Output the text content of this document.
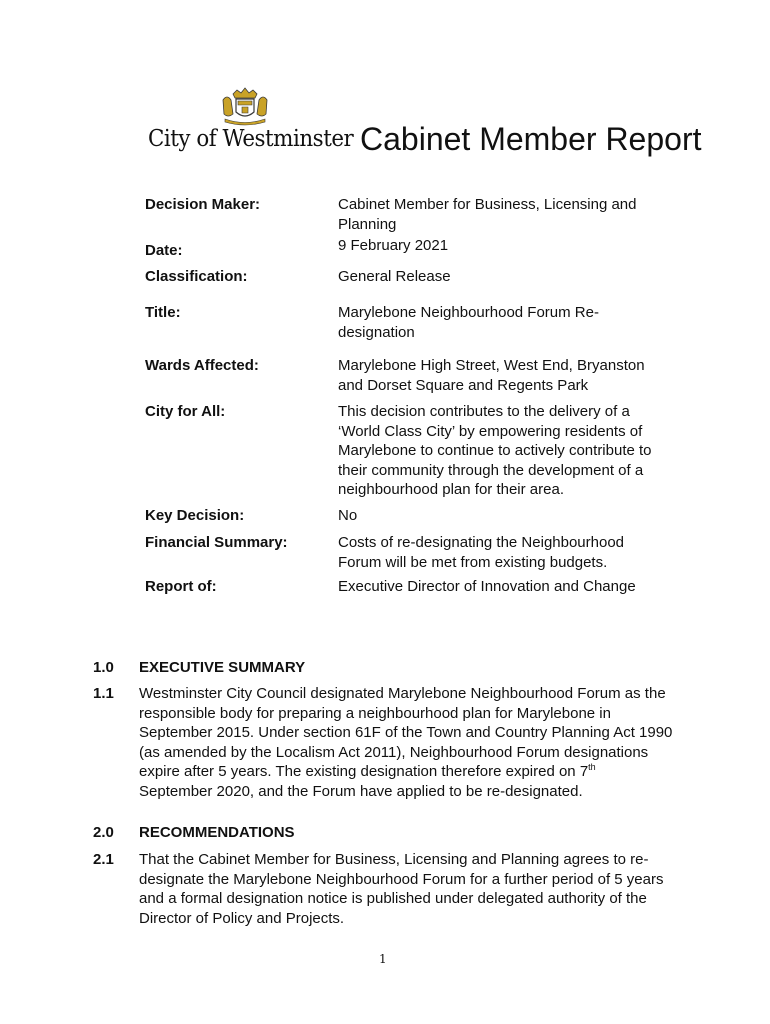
City of Westminster Cabinet Member Report
Decision Maker:	Cabinet Member for Business, Licensing and Planning
Date:	9 February 2021
Classification:	General Release
Title:	Marylebone Neighbourhood Forum Re-designation
Wards Affected:	Marylebone High Street, West End, Bryanston and Dorset Square and Regents Park
City for All:	This decision contributes to the delivery of a ‘World Class City’ by empowering residents of Marylebone to continue to actively contribute to their community through the development of a neighbourhood plan for their area.
Key Decision:	No
Financial Summary:	Costs of re-designating the Neighbourhood Forum will be met from existing budgets.
Report of:	Executive Director of Innovation and Change
1.0 EXECUTIVE SUMMARY
1.1 Westminster City Council designated Marylebone Neighbourhood Forum as the responsible body for preparing a neighbourhood plan for Marylebone in September 2015. Under section 61F of the Town and Country Planning Act 1990 (as amended by the Localism Act 2011), Neighbourhood Forum designations expire after 5 years. The existing designation therefore expired on 7th September 2020, and the Forum have applied to be re-designated.
2.0 RECOMMENDATIONS
2.1 That the Cabinet Member for Business, Licensing and Planning agrees to re-designate the Marylebone Neighbourhood Forum for a further period of 5 years and a formal designation notice is published under delegated authority of the Director of Policy and Projects.
1
